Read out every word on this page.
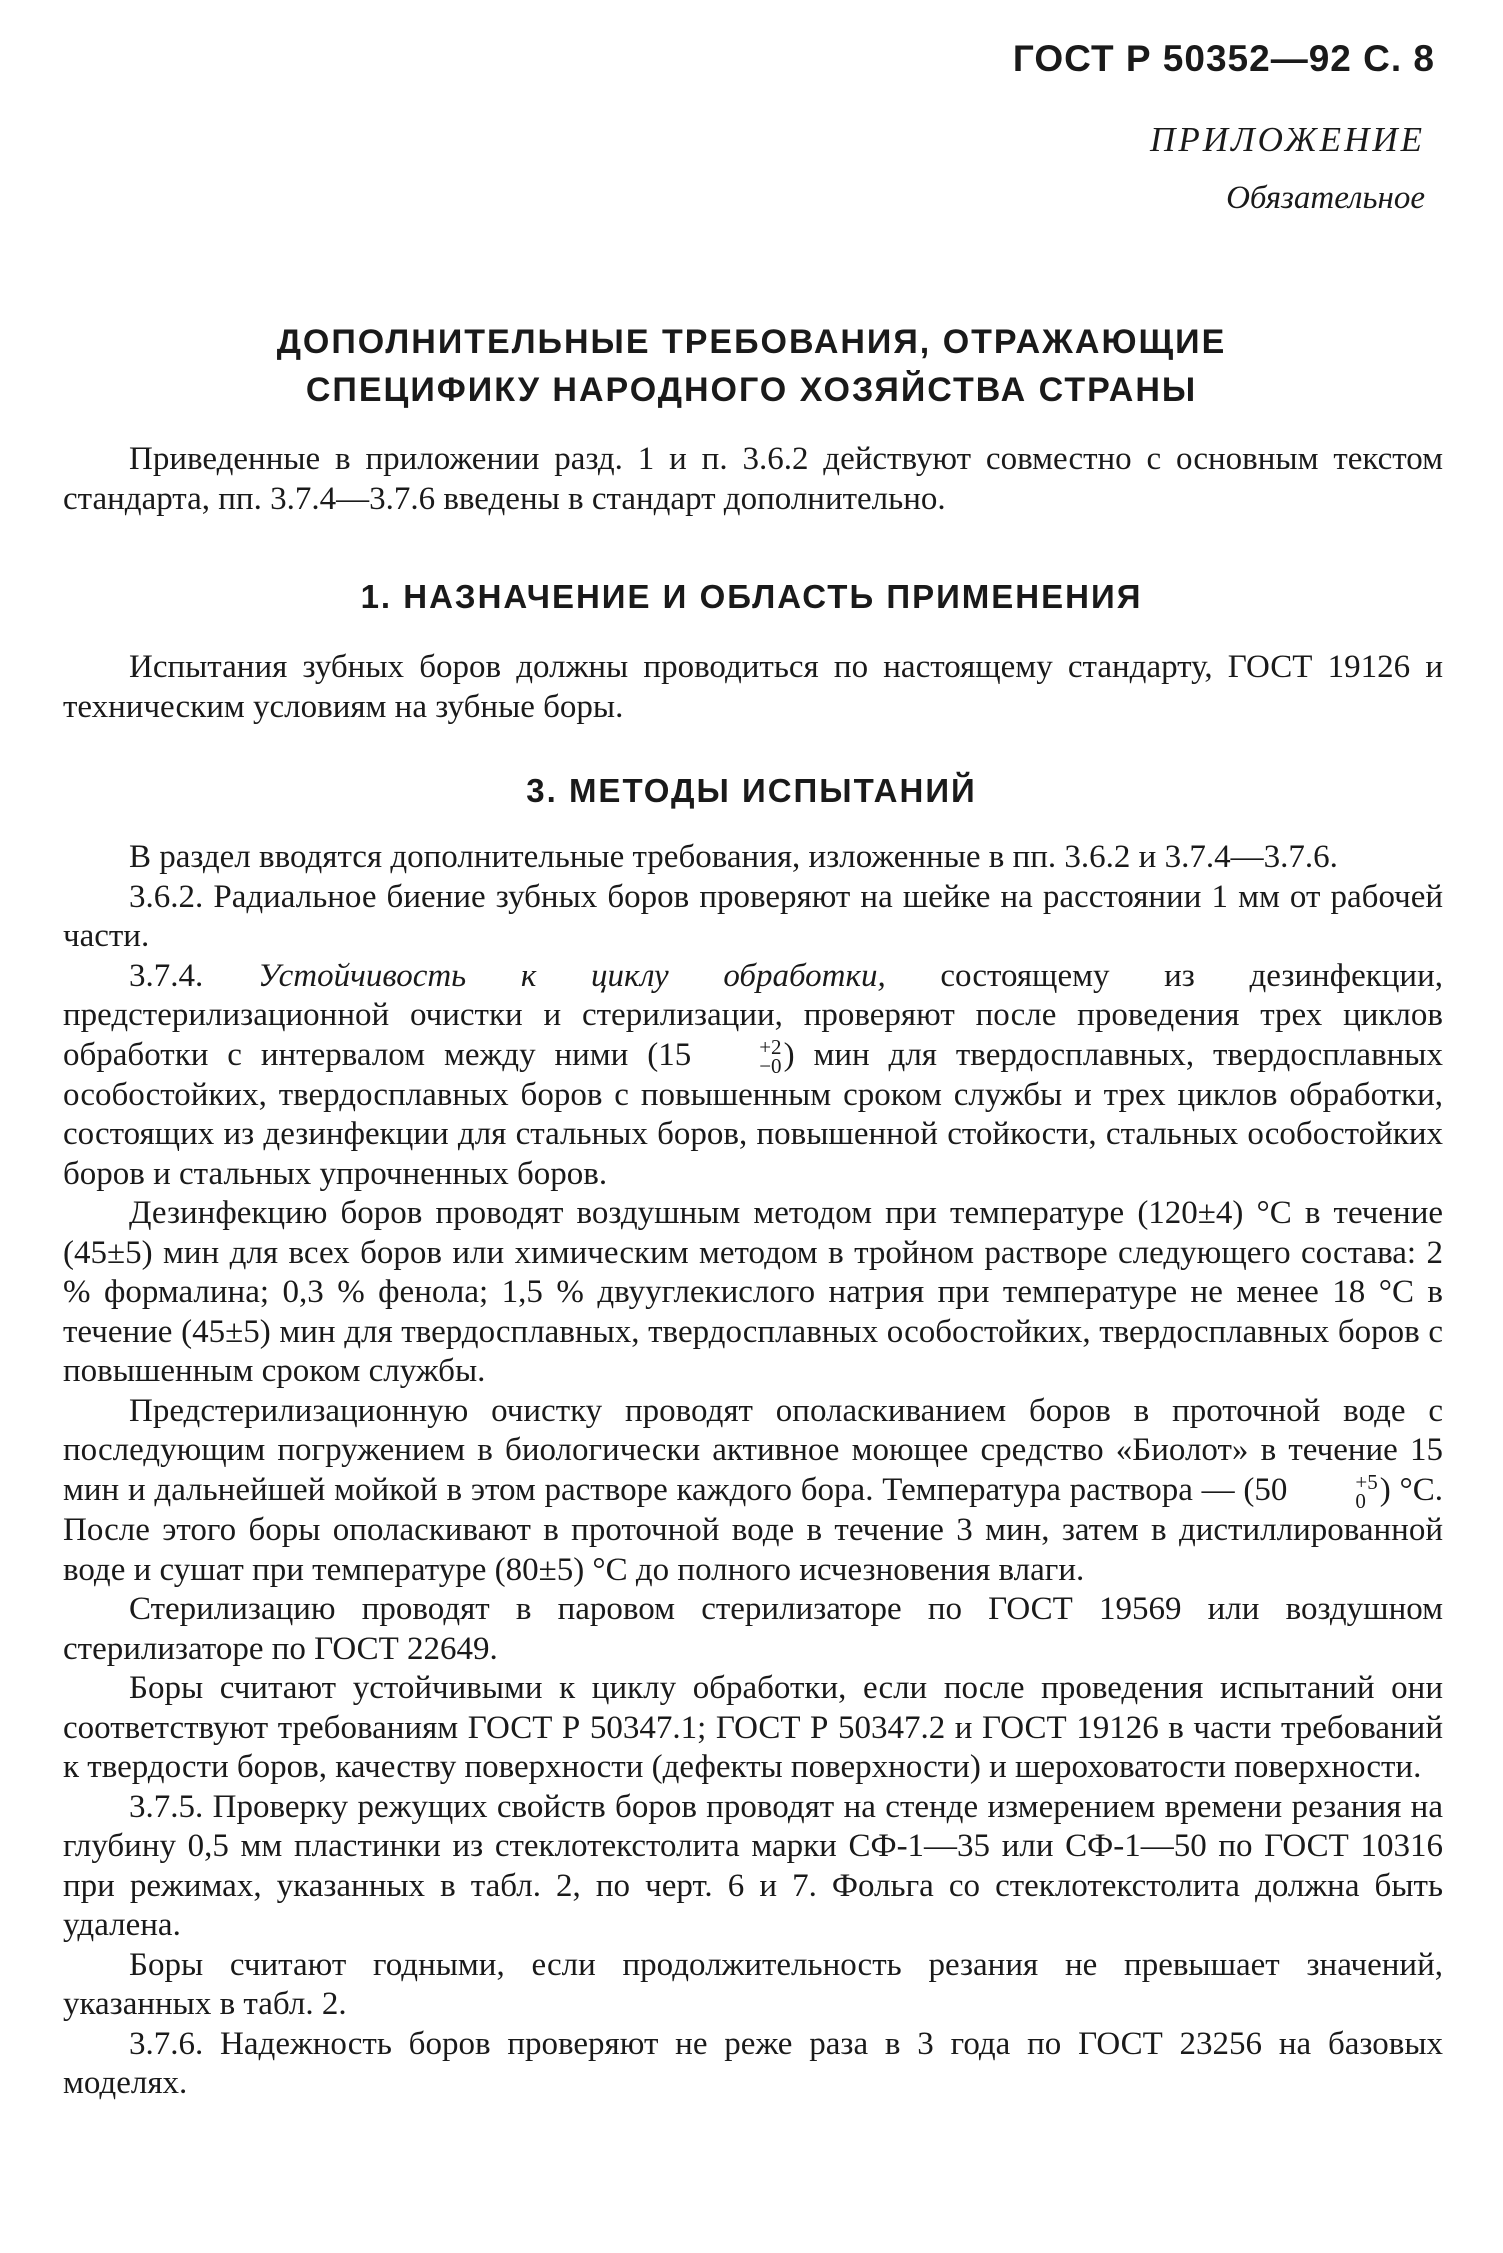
ГОСТ Р 50352—92 С. 8
ПРИЛОЖЕНИЕ
Обязательное
ДОПОЛНИТЕЛЬНЫЕ ТРЕБОВАНИЯ, ОТРАЖАЮЩИЕ
СПЕЦИФИКУ НАРОДНОГО ХОЗЯЙСТВА СТРАНЫ

Приведенные в приложении разд. 1 и п. 3.6.2 действуют совместно с основным текстом стандарта, пп. 3.7.4—3.7.6 введены в стандарт дополнительно.

1. НАЗНАЧЕНИЕ И ОБЛАСТЬ ПРИМЕНЕНИЯ

Испытания зубных боров должны проводиться по настоящему стандарту, ГОСТ 19126 и техническим условиям на зубные боры.

3. МЕТОДЫ ИСПЫТАНИЙ

В раздел вводятся дополнительные требования, изложенные в пп. 3.6.2 и 3.7.4—3.7.6.

3.6.2. Радиальное биение зубных боров проверяют на шейке на расстоянии 1 мм от рабочей части.

3.7.4. Устойчивость к циклу обработки, состоящему из дезинфекции, предстерилизационной очистки и стерилизации, проверяют после проведения трех циклов обработки с интервалом между ними (15	+2
−0 ) мин для твердосплавных, твердосплавных особостойких, твердосплавных боров с повышенным сроком службы и трех циклов обработки, состоящих из дезинфекции для стальных боров, повышенной стойкости, стальных особостойких боров и стальных упрочненных боров.

Дезинфекцию боров проводят воздушным методом при температуре (120±4) °С в течение (45±5) мин для всех боров или химическим методом в тройном растворе следующего состава: 2 % формалина; 0,3 % фенола; 1,5 % двууглекислого натрия при температуре не менее 18 °С в течение (45±5) мин для твердосплавных, твердосплавных особостойких, твердосплавных боров с повышенным сроком службы.

Предстерилизационную очистку проводят ополаскиванием боров в проточной воде с последующим погружением в биологически активное моющее средство «Биолот» в течение 15 мин и дальнейшей мойкой в этом растворе каждого бора. Температура раствора — (50	+5
0 ) °С. После этого боры ополаскивают в проточной воде в течение 3 мин, затем в дистиллированной воде и сушат при температуре (80±5) °С до полного исчезновения влаги.

Стерилизацию проводят в паровом стерилизаторе по ГОСТ 19569 или воздушном стерилизаторе по ГОСТ 22649.

Боры считают устойчивыми к циклу обработки, если после проведения испытаний они соответствуют требованиям ГОСТ Р 50347.1; ГОСТ Р 50347.2 и ГОСТ 19126 в части требований к твердости боров, качеству поверхности (дефекты поверхности) и шероховатости поверхности.

3.7.5. Проверку режущих свойств боров проводят на стенде измерением времени резания на глубину 0,5 мм пластинки из стеклотекстолита марки СФ-1—35 или СФ-1—50 по ГОСТ 10316 при режимах, указанных в табл. 2, по черт. 6 и 7. Фольга со стеклотекстолита должна быть удалена.

Боры считают годными, если продолжительность резания не превышает значений, указанных в табл. 2.

3.7.6. Надежность боров проверяют не реже раза в 3 года по ГОСТ 23256 на базовых моделях.
